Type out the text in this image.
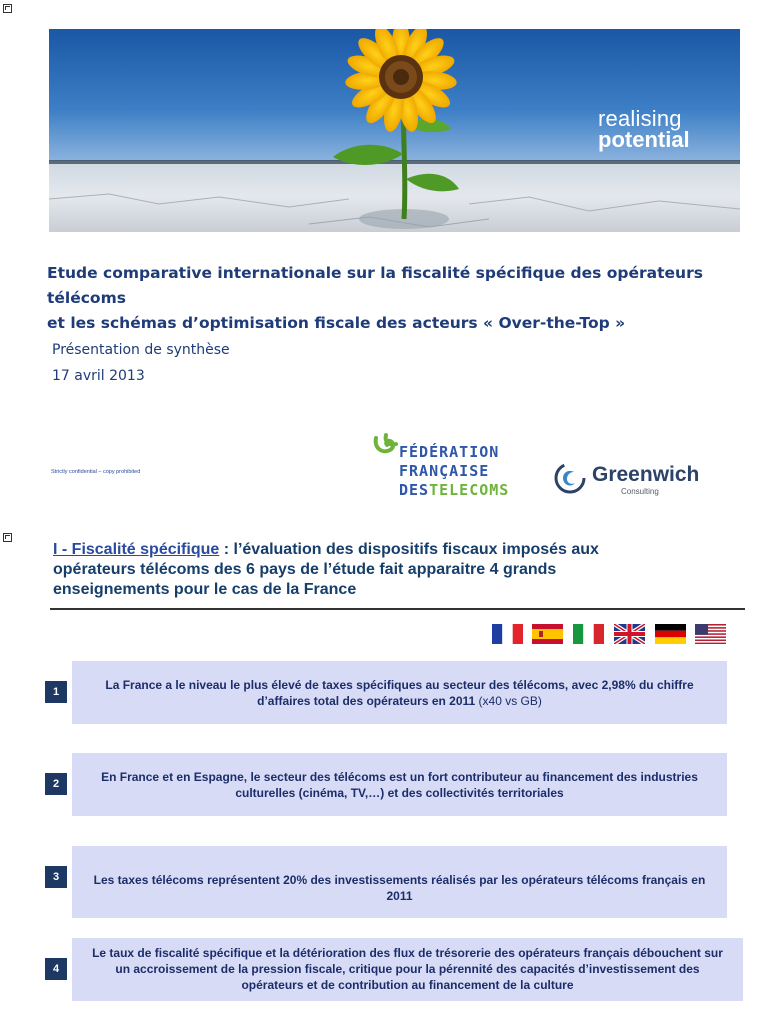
realising
potential
Etude comparative internationale sur la fiscalité spécifique des opérateurs télécoms
et les schémas d’optimisation fiscale des acteurs « Over-the-Top »
Présentation de synthèse
17 avril 2013
Strictly confidential – copy prohibited
FÉDÉRATION
FRANÇAISE
DESTELECOMS
Greenwich
Consulting
I - Fiscalité spécifique : l’évaluation des dispositifs fiscaux imposés aux
opérateurs télécoms des 6 pays de l’étude fait apparaitre 4 grands
enseignements pour le cas de la France
1	La France a le niveau le plus élevé de taxes spécifiques au secteur des télécoms, avec 2,98% du chiffre d’affaires total des opérateurs en 2011 (x40 vs GB)
2	En France et en Espagne, le secteur des télécoms est un fort contributeur au financement des industries culturelles (cinéma, TV,…) et des collectivités territoriales
3	Les taxes télécoms représentent 20% des investissements réalisés par les opérateurs télécoms français en 2011
4
Le taux de fiscalité spécifique et la détérioration des flux de trésorerie des opérateurs français débouchent sur un accroissement de la pression fiscale, critique pour la pérennité des capacités d’investissement des opérateurs et de contribution au financement de la culture
